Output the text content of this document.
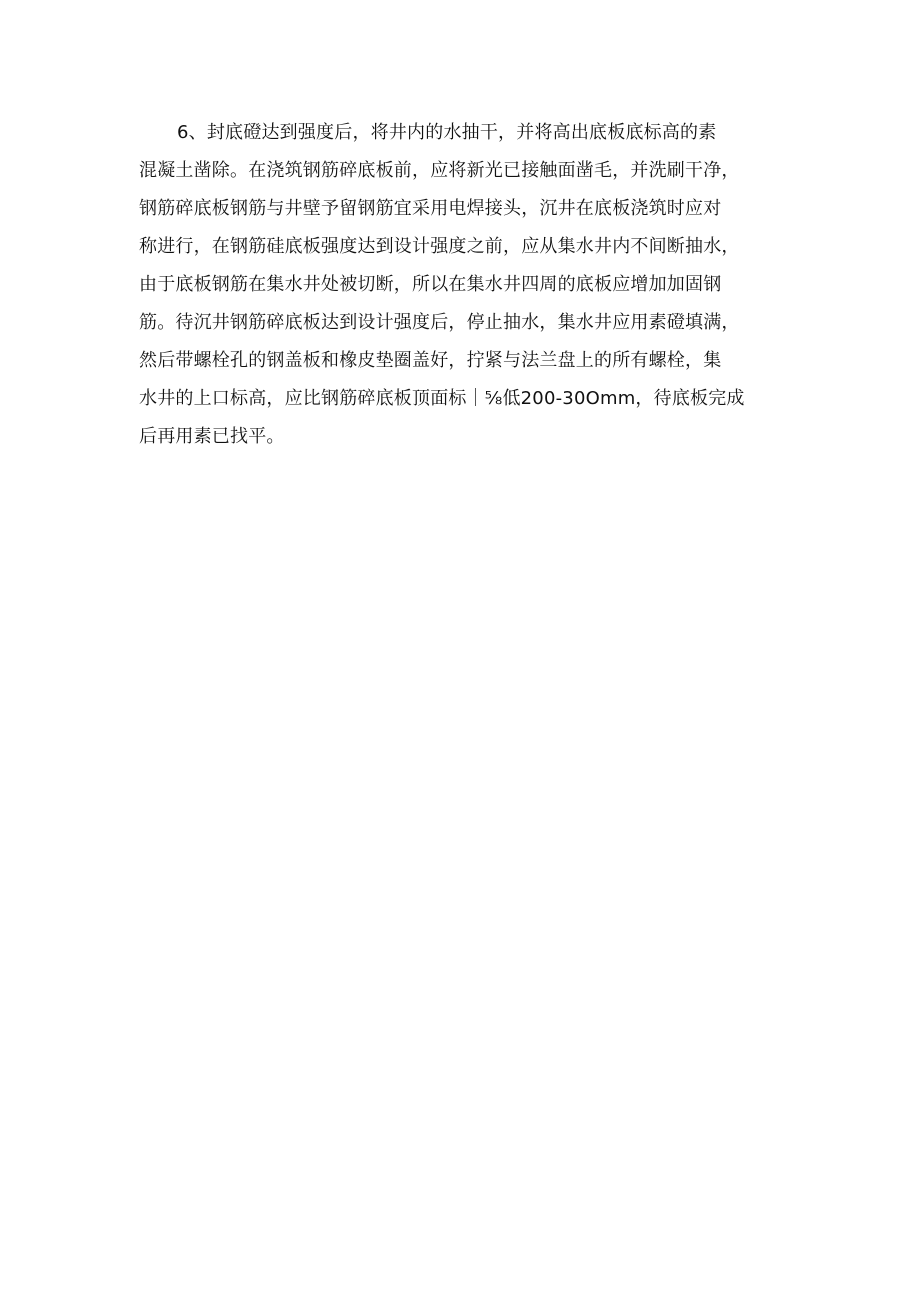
6、封底磴达到强度后，将井内的水抽干，并将高出底板底标高的素
混凝土凿除。在浇筑钢筋碎底板前，应将新光已接触面凿毛，并洗刷干净，
钢筋碎底板钢筋与井壁予留钢筋宜采用电焊接头，沉井在底板浇筑时应对
称进行，在钢筋硅底板强度达到设计强度之前，应从集水井内不间断抽水，
由于底板钢筋在集水井处被切断，所以在集水井四周的底板应增加加固钢
筋。待沉井钢筋碎底板达到设计强度后，停止抽水，集水井应用素磴填满，
然后带螺栓孔的钢盖板和橡皮垫圈盖好，拧紧与法兰盘上的所有螺栓，集
水井的上口标高，应比钢筋碎底板顶面标｜⅝低200-30Omm，待底板完成
后再用素已找平。
